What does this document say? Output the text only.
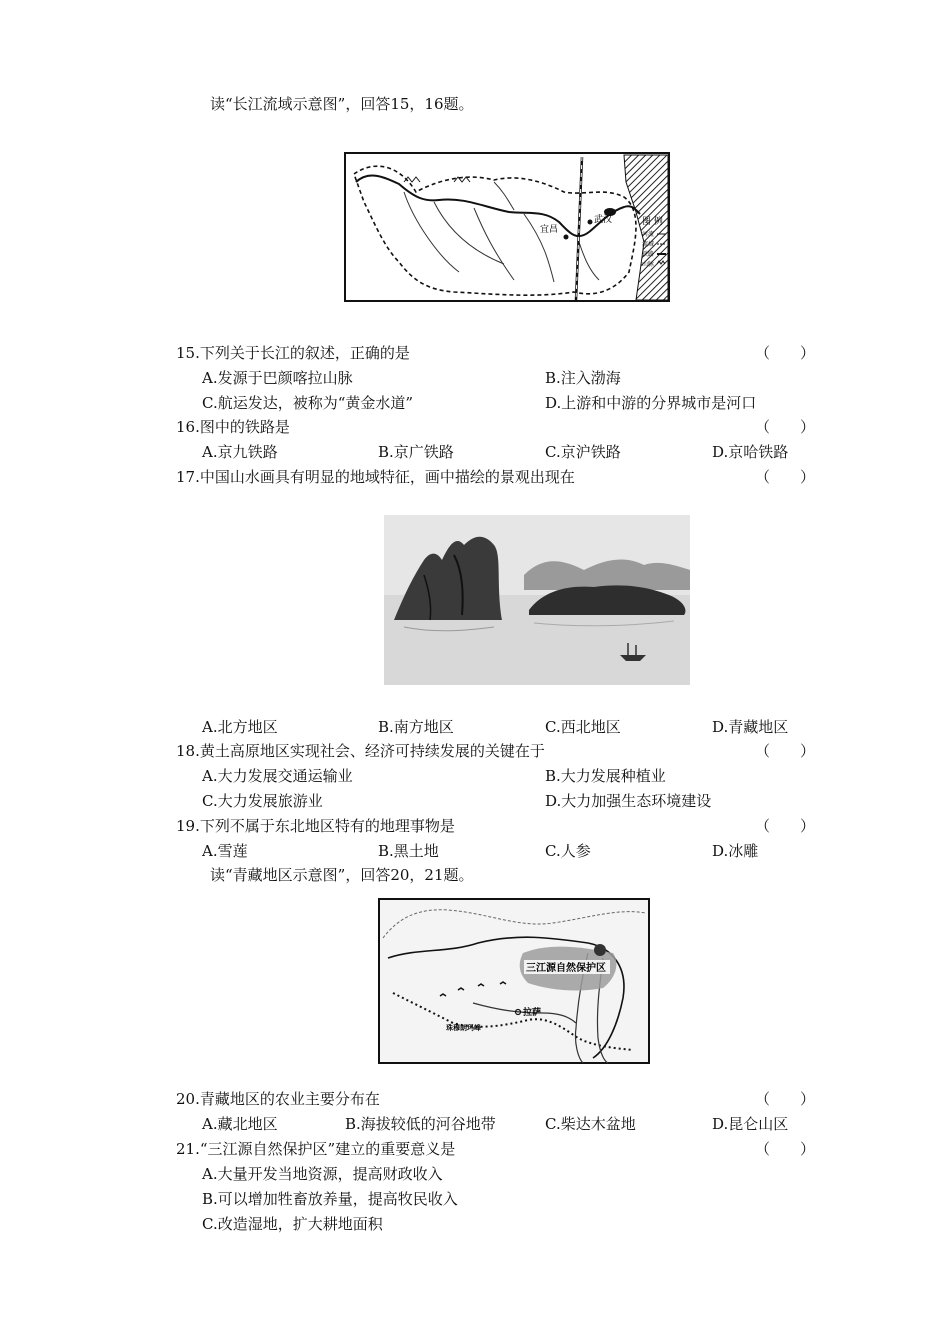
读“长江流域示意图”，回答15，16题。
宜昌
武汉	图 例
河流
流域
铁路
山脉
15.下列关于长江的叙述，正确的是	（　　）
A.发源于巴颜喀拉山脉	B.注入渤海
C.航运发达，被称为“黄金水道”	D.上游和中游的分界城市是河口
16.图中的铁路是	（　　）
A.京九铁路	B.京广铁路	C.京沪铁路	D.京哈铁路
17.中国山水画具有明显的地域特征，画中描绘的景观出现在	（　　）
A.北方地区	B.南方地区	C.西北地区	D.青藏地区
18.黄土高原地区实现社会、经济可持续发展的关键在于	（　　）
A.大力发展交通运输业	B.大力发展种植业
C.大力发展旅游业	D.大力加强生态环境建设
19.下列不属于东北地区特有的地理事物是	（　　）
A.雪莲	B.黑土地	C.人参	D.冰雕
读“青藏地区示意图”，回答20，21题。
三江源自然保护区
拉萨
珠穆朗玛峰
20.青藏地区的农业主要分布在	（　　）
A.藏北地区	B.海拔较低的河谷地带	C.柴达木盆地	D.昆仑山区
21.“三江源自然保护区”建立的重要意义是	（　　）
A.大量开发当地资源，提高财政收入
B.可以增加牲畜放养量，提高牧民收入
C.改造湿地，扩大耕地面积
